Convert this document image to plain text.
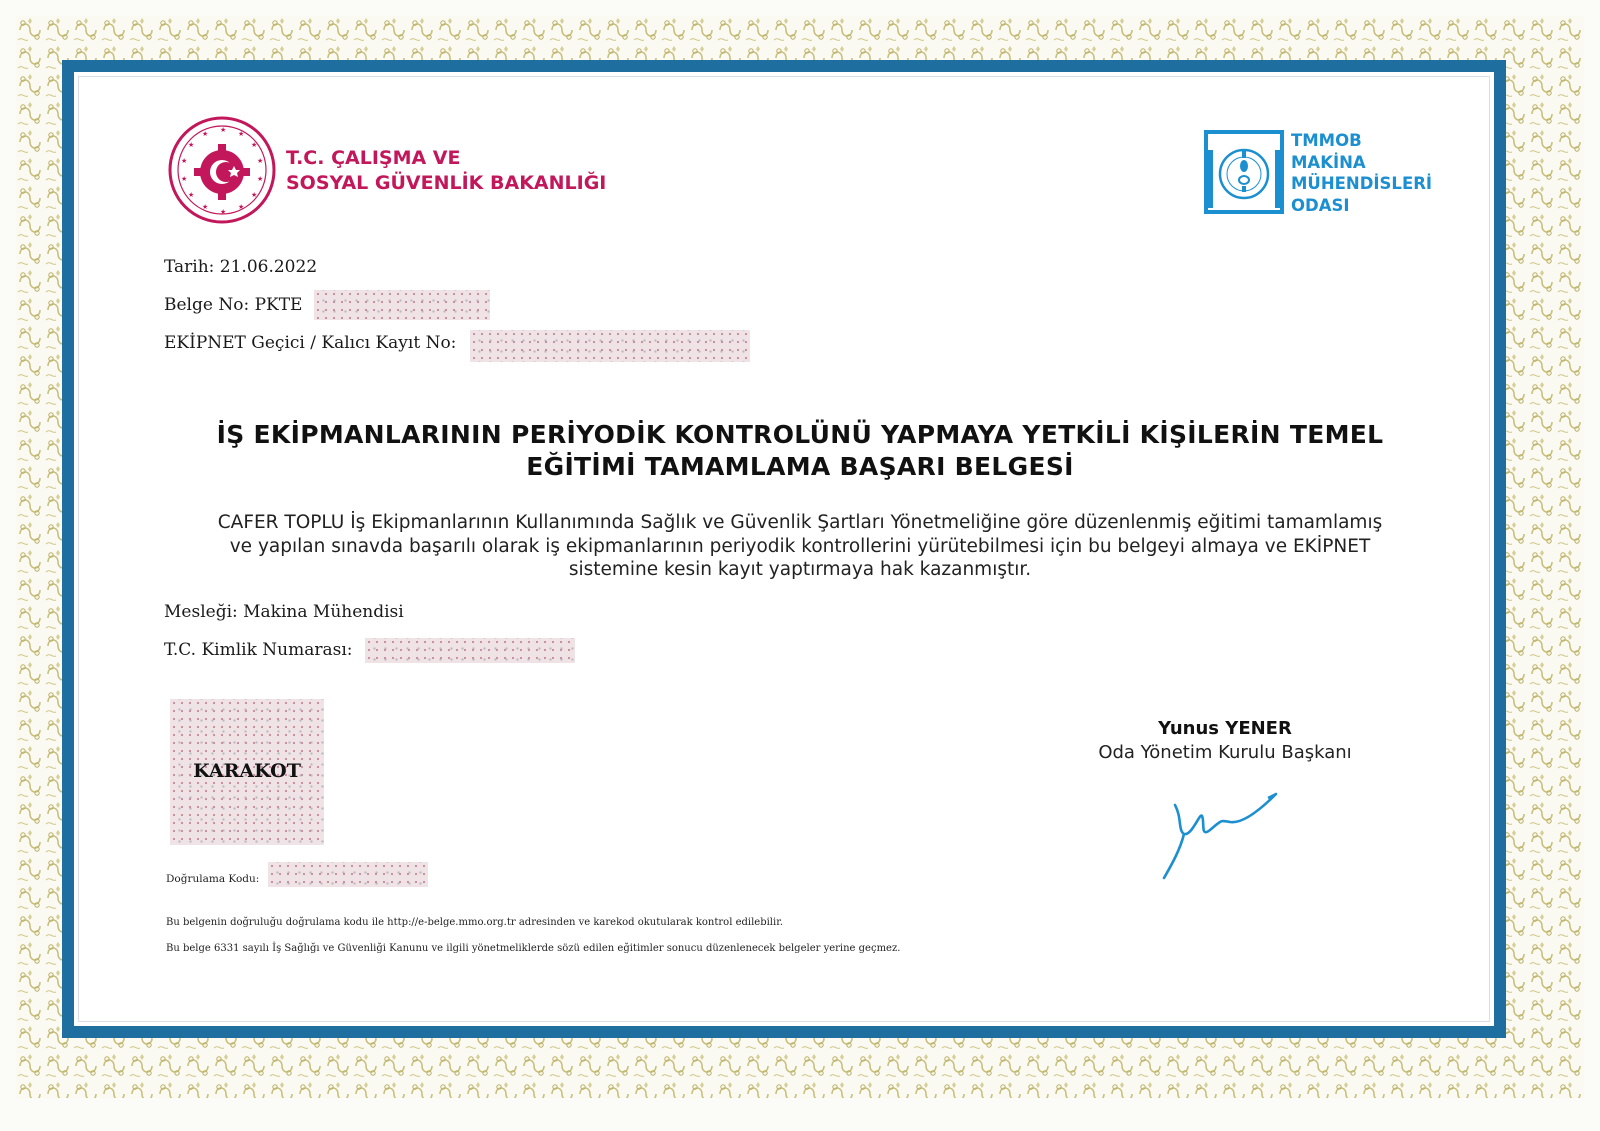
★ ★
★
★
★
★
★
★
★
★
★
★
★
★
T.C. ÇALIŞMA VE
SOSYAL GÜVENLİK BAKANLIĞI
TMMOB
MAKİNA
MÜHENDİSLERİ
ODASI
Tarih: 21.06.2022
Belge No: PKTE
EKİPNET Geçici / Kalıcı Kayıt No:
İŞ EKİPMANLARININ PERİYODİK KONTROLÜNÜ YAPMAYA YETKİLİ KİŞİLERİN TEMEL
EĞİTİMİ TAMAMLAMA BAŞARI BELGESİ
CAFER TOPLU İş Ekipmanlarının Kullanımında Sağlık ve Güvenlik Şartları Yönetmeliğine göre düzenlenmiş eğitimi tamamlamış
ve yapılan sınavda başarılı olarak iş ekipmanlarının periyodik kontrollerini yürütebilmesi için bu belgeyi almaya ve EKİPNET
sistemine kesin kayıt yaptırmaya hak kazanmıştır.
Mesleği: Makina Mühendisi
T.C. Kimlik Numarası:
KARAKOT
Doğrulama Kodu:
Yunus YENER
Oda Yönetim Kurulu Başkanı
Bu belgenin doğruluğu doğrulama kodu ile http://e-belge.mmo.org.tr adresinden ve karekod okutularak kontrol edilebilir.
Bu belge 6331 sayılı İş Sağlığı ve Güvenliği Kanunu ve ilgili yönetmeliklerde sözü edilen eğitimler sonucu düzenlenecek belgeler yerine geçmez.
